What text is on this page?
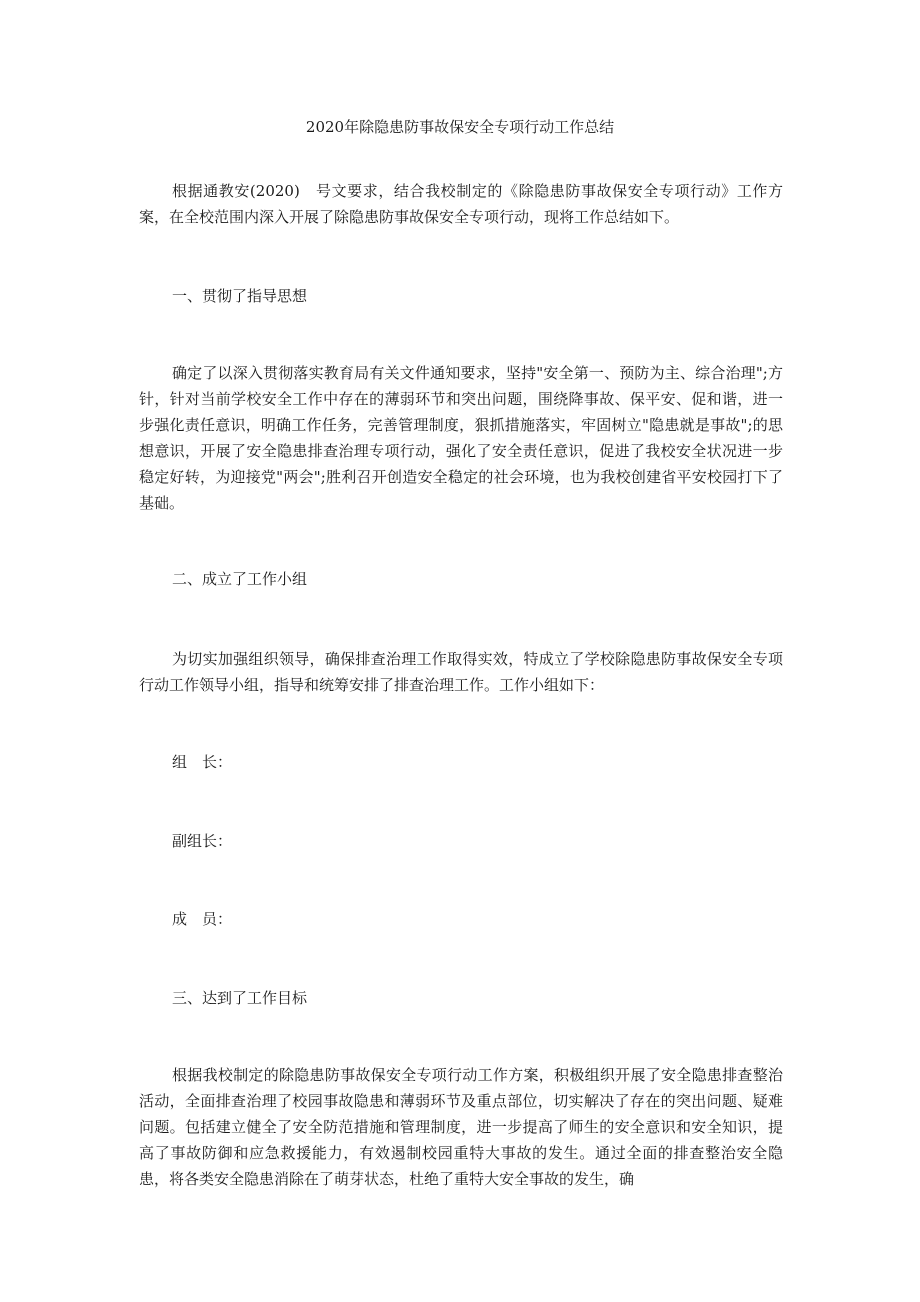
2020年除隐患防事故保安全专项行动工作总结

根据通教安(2020)　号文要求，结合我校制定的《除隐患防事故保安全专项行动》工作方案，在全校范围内深入开展了除隐患防事故保安全专项行动，现将工作总结如下。

一、贯彻了指导思想

确定了以深入贯彻落实教育局有关文件通知要求，坚持"安全第一、预防为主、综合治理";方针，针对当前学校安全工作中存在的薄弱环节和突出问题，围绕降事故、保平安、促和谐，进一步强化责任意识，明确工作任务，完善管理制度，狠抓措施落实，牢固树立"隐患就是事故";的思想意识，开展了安全隐患排查治理专项行动，强化了安全责任意识，促进了我校安全状况进一步稳定好转，为迎接党"两会";胜利召开创造安全稳定的社会环境，也为我校创建省平安校园打下了基础。

二、成立了工作小组

为切实加强组织领导，确保排查治理工作取得实效，特成立了学校除隐患防事故保安全专项行动工作领导小组，指导和统筹安排了排查治理工作。工作小组如下：

组　长：

副组长：

成　员：

三、达到了工作目标

根据我校制定的除隐患防事故保安全专项行动工作方案，积极组织开展了安全隐患排查整治活动，全面排查治理了校园事故隐患和薄弱环节及重点部位，切实解决了存在的突出问题、疑难问题。包括建立健全了安全防范措施和管理制度，进一步提高了师生的安全意识和安全知识，提高了事故防御和应急救援能力，有效遏制校园重特大事故的发生。通过全面的排查整治安全隐患，将各类安全隐患消除在了萌芽状态，杜绝了重特大安全事故的发生，确
